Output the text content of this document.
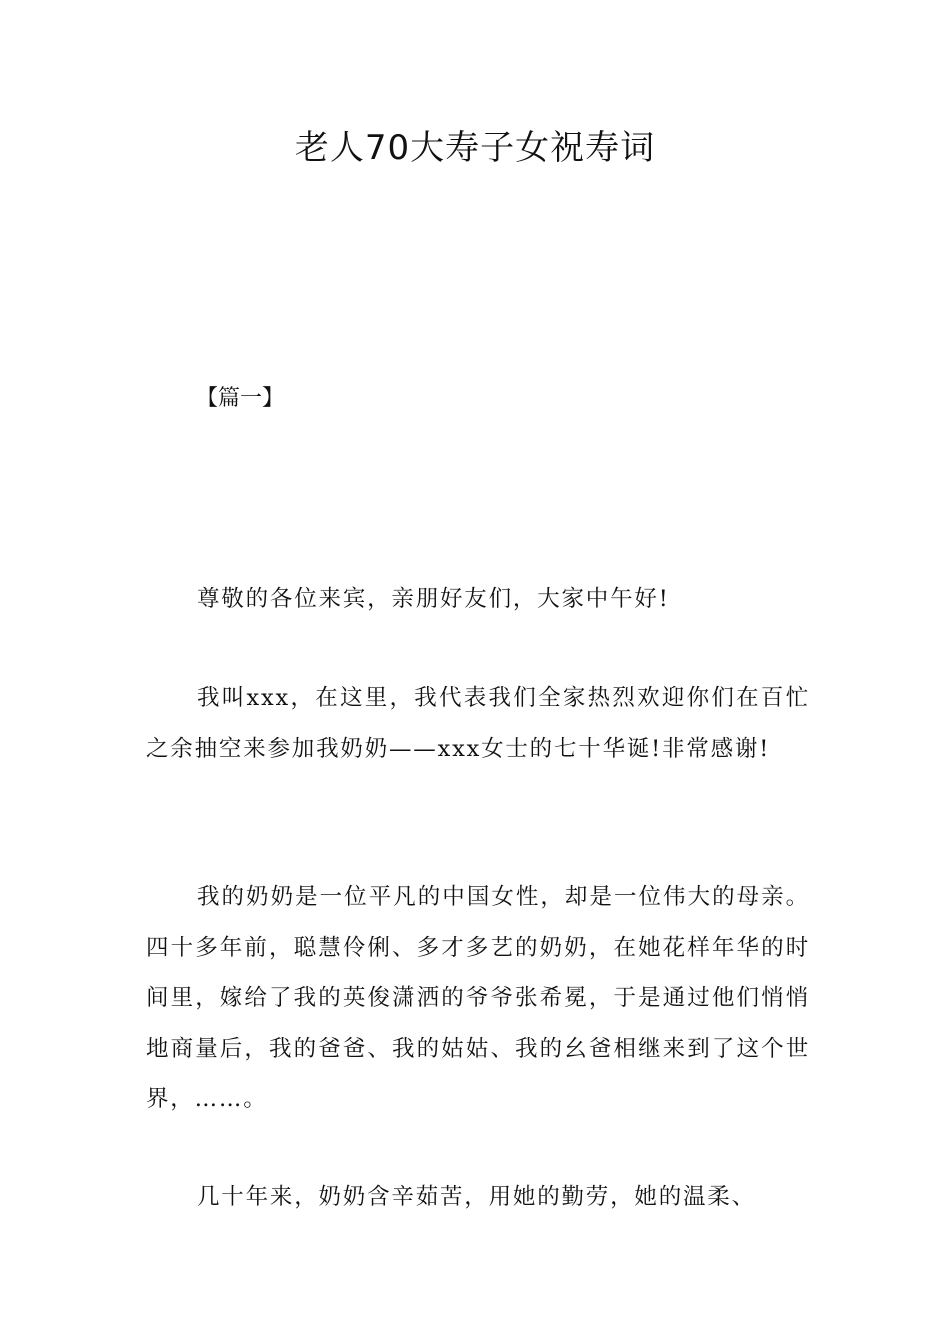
老人70大寿子女祝寿词

【篇一】

尊敬的各位来宾，亲朋好友们，大家中午好!

我叫xxx，在这里，我代表我们全家热烈欢迎你们在百忙之余抽空来参加我奶奶——xxx女士的七十华诞!非常感谢!

我的奶奶是一位平凡的中国女性，却是一位伟大的母亲。四十多年前，聪慧伶俐、多才多艺的奶奶，在她花样年华的时间里，嫁给了我的英俊潇洒的爷爷张希冕，于是通过他们悄悄地商量后，我的爸爸、我的姑姑、我的幺爸相继来到了这个世界，……。

几十年来，奶奶含辛茹苦，用她的勤劳，她的温柔、
